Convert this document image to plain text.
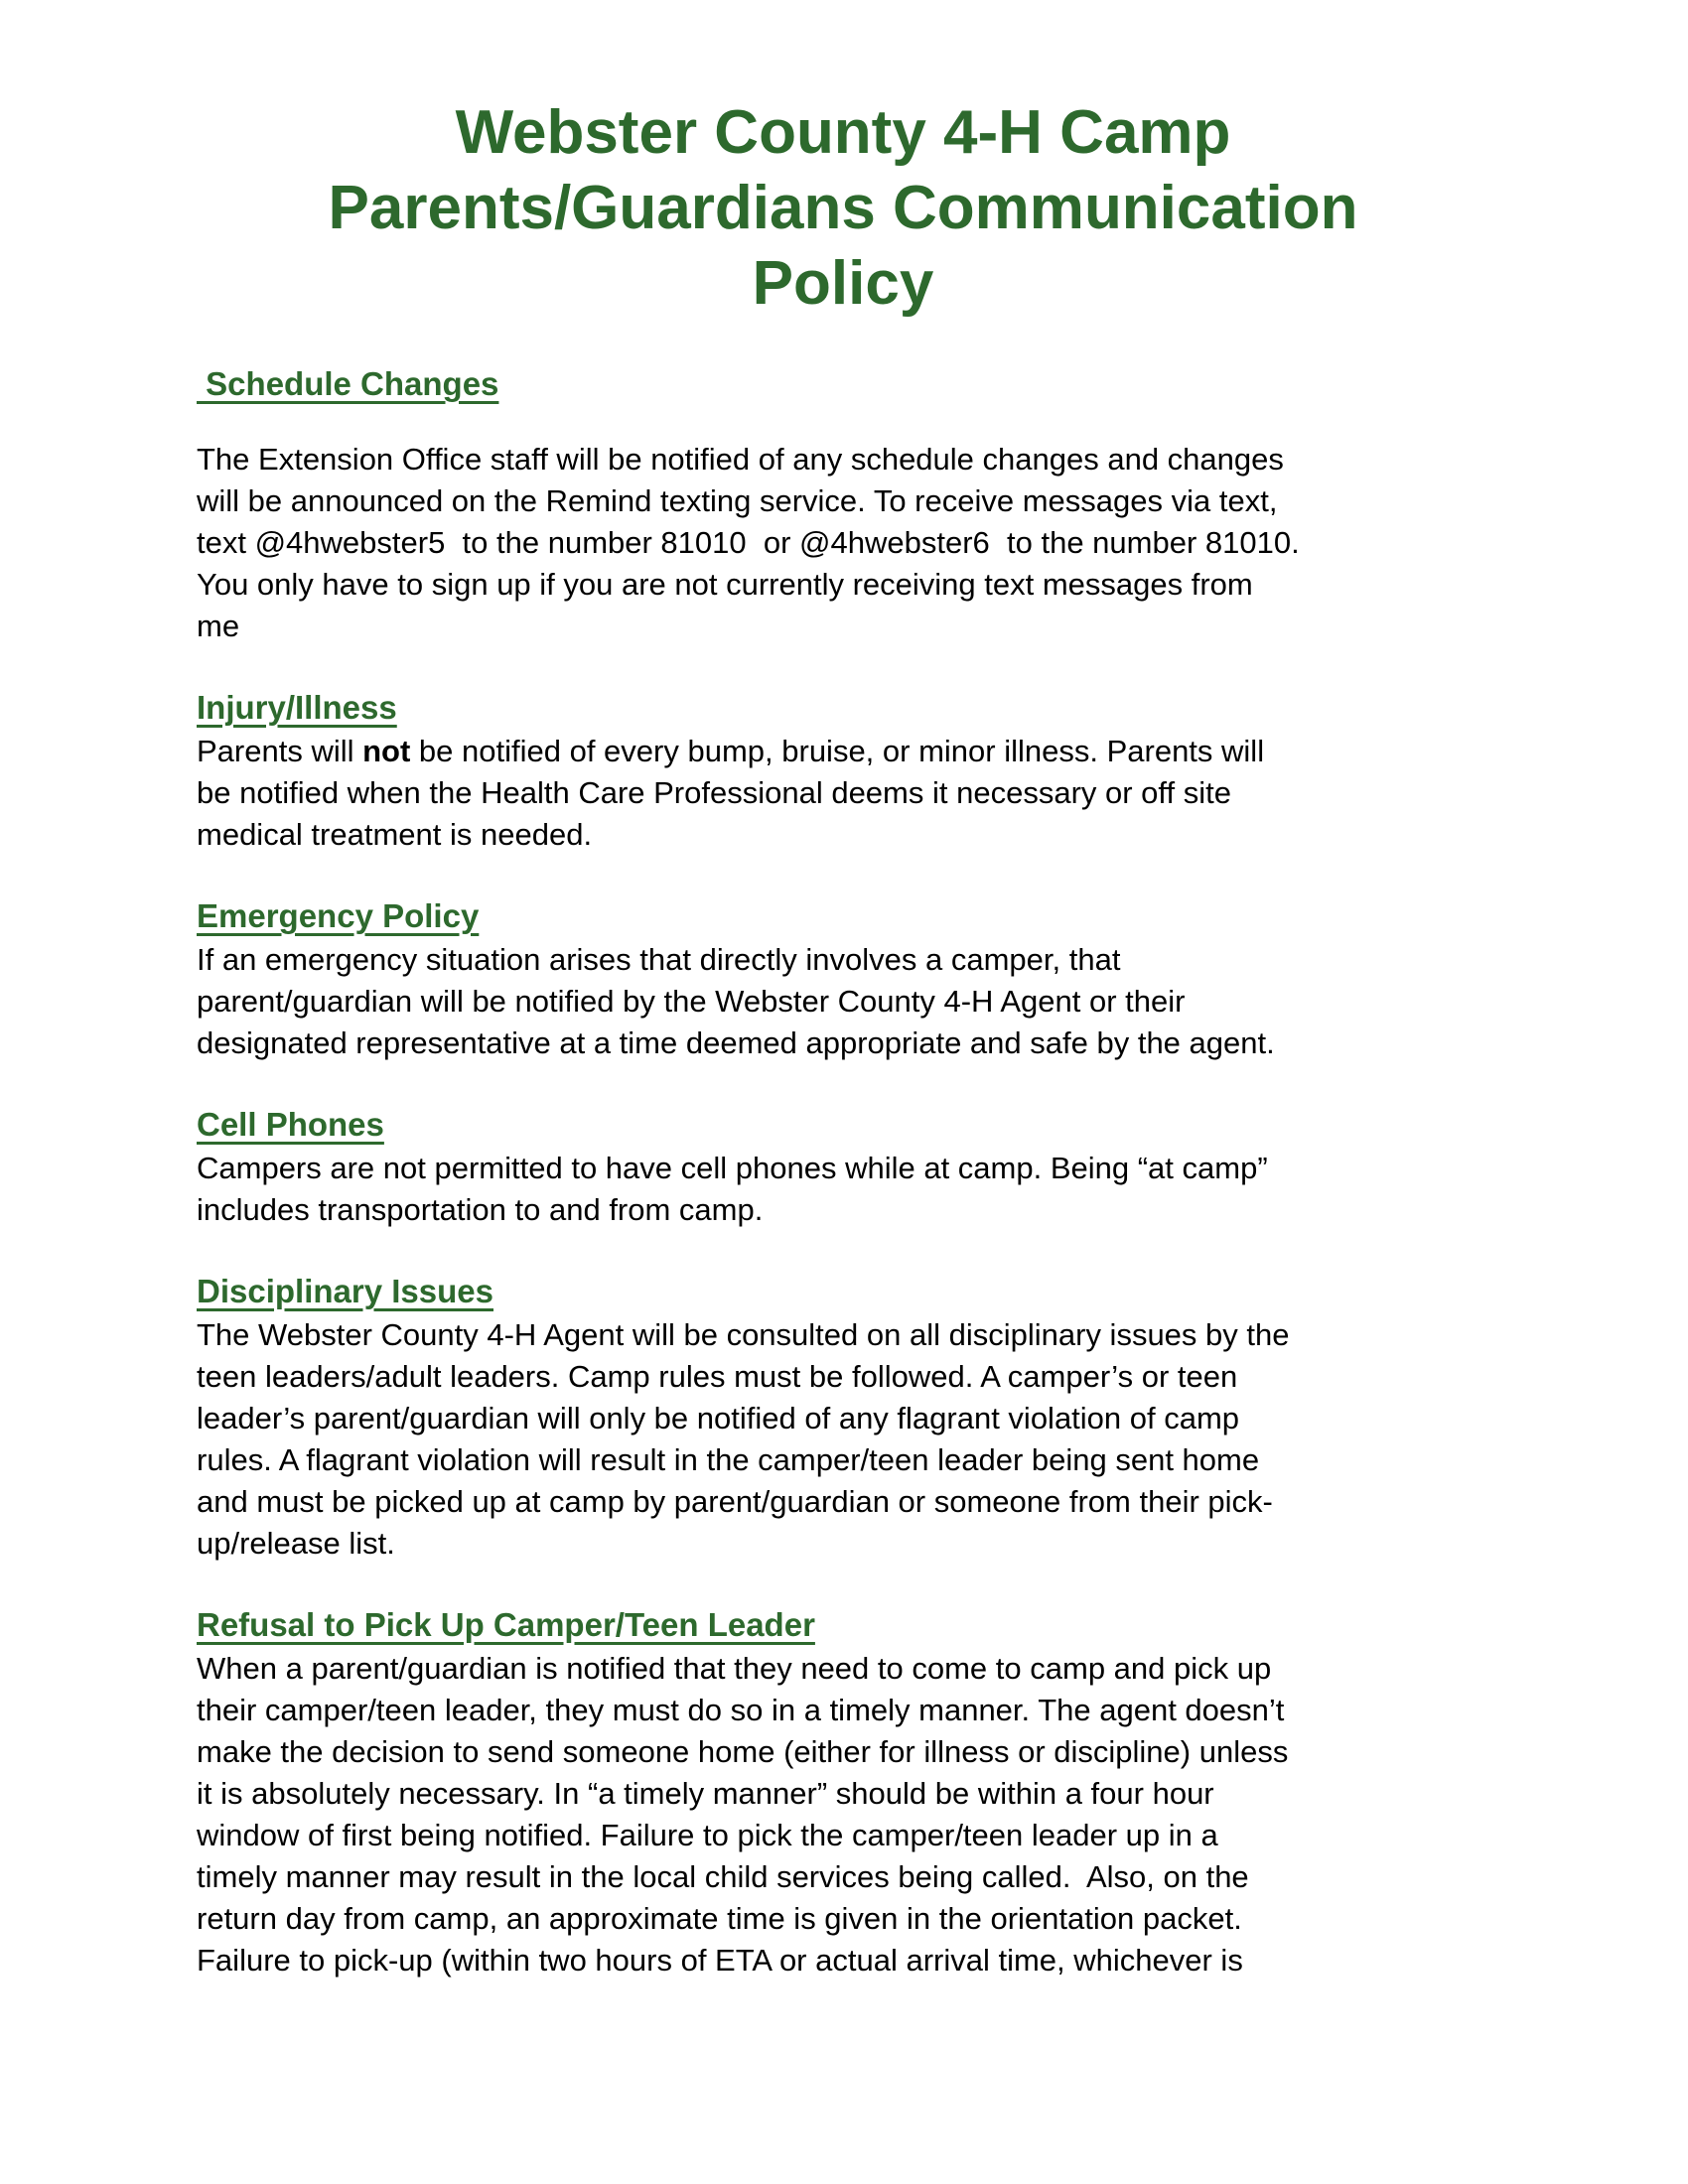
Webster County 4-H Camp
Parents/Guardians Communication
Policy
Schedule Changes
The Extension Office staff will be notified of any schedule changes and changes
will be announced on the Remind texting service. To receive messages via text,
text @4hwebster5  to the number 81010  or @4hwebster6  to the number 81010.
You only have to sign up if you are not currently receiving text messages from
me
Injury/Illness
Parents will not be notified of every bump, bruise, or minor illness. Parents will
be notified when the Health Care Professional deems it necessary or off site
medical treatment is needed.
Emergency Policy
If an emergency situation arises that directly involves a camper, that
parent/guardian will be notified by the Webster County 4-H Agent or their
designated representative at a time deemed appropriate and safe by the agent.
Cell Phones
Campers are not permitted to have cell phones while at camp. Being “at camp”
includes transportation to and from camp.
Disciplinary Issues
The Webster County 4-H Agent will be consulted on all disciplinary issues by the
teen leaders/adult leaders. Camp rules must be followed. A camper’s or teen
leader’s parent/guardian will only be notified of any flagrant violation of camp
rules. A flagrant violation will result in the camper/teen leader being sent home
and must be picked up at camp by parent/guardian or someone from their pick-
up/release list.
Refusal to Pick Up Camper/Teen Leader
When a parent/guardian is notified that they need to come to camp and pick up
their camper/teen leader, they must do so in a timely manner. The agent doesn’t
make the decision to send someone home (either for illness or discipline) unless
it is absolutely necessary. In “a timely manner” should be within a four hour
window of first being notified. Failure to pick the camper/teen leader up in a
timely manner may result in the local child services being called.  Also, on the
return day from camp, an approximate time is given in the orientation packet.
Failure to pick-up (within two hours of ETA or actual arrival time, whichever is
